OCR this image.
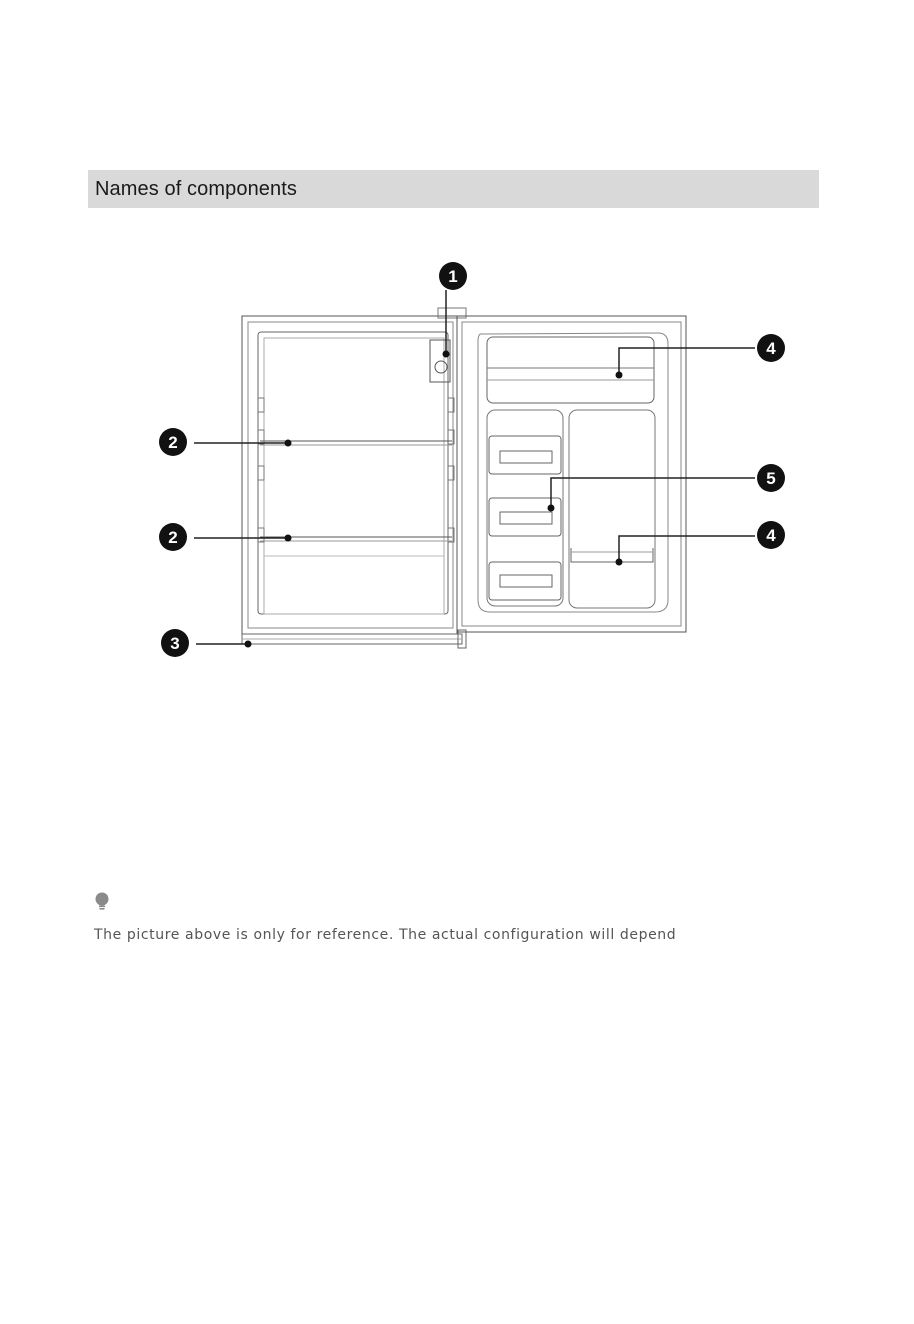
Names of components
1
2
2
3
4
5
4
The picture above is only for reference. The actual configuration will depend
